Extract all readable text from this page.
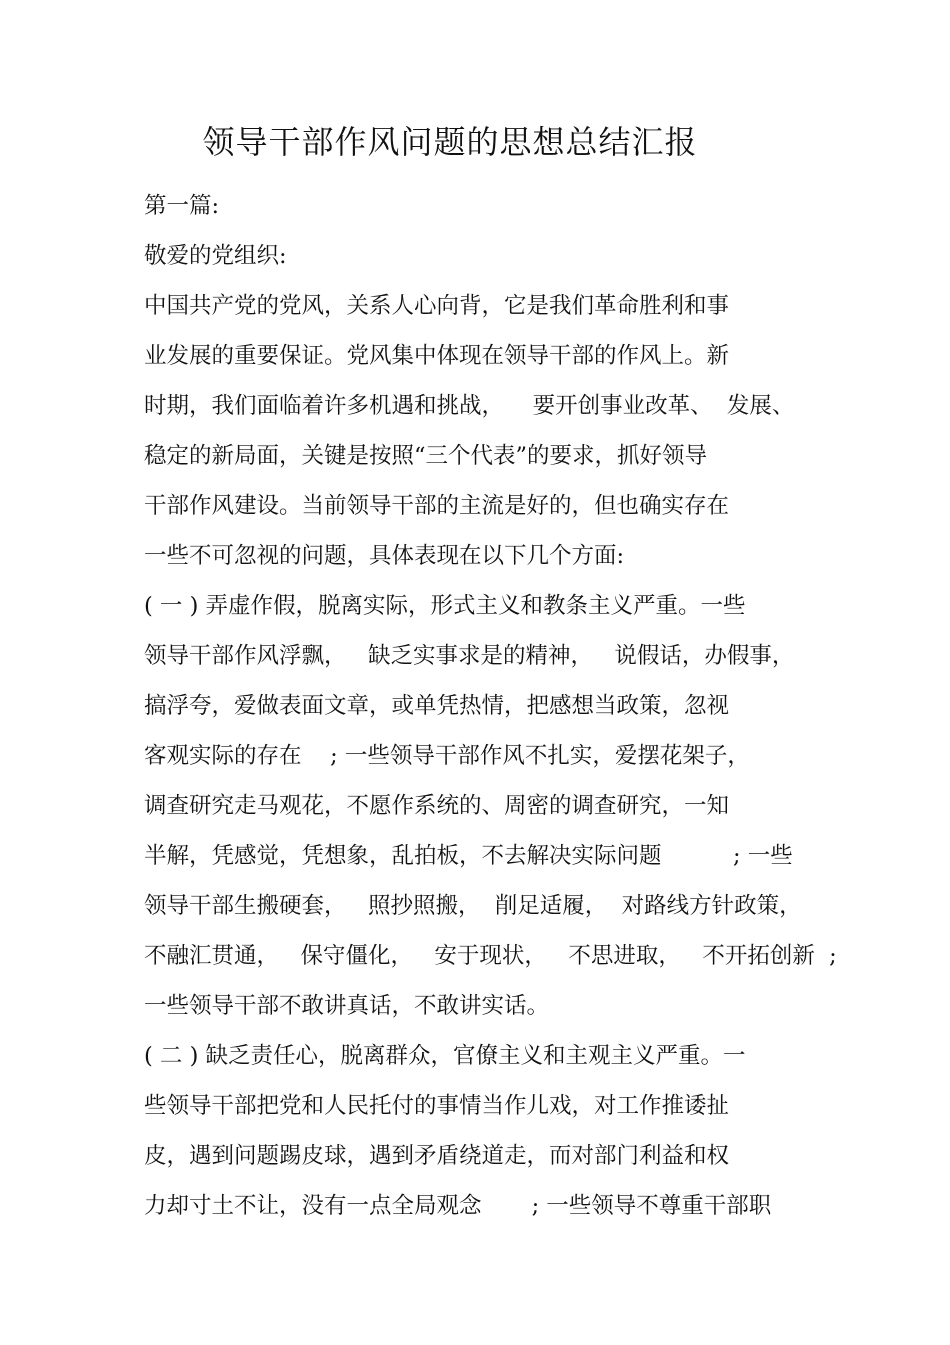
领导干部作风问题的思想总结汇报
第一篇:
敬爱的党组织:
中国共产党的党风，关系人心向背，它是我们革命胜利和事
业发展的重要保证。党风集中体现在领导干部的作风上。新
时期，我们面临着许多机遇和挑战，    要开创事业改革、  发展、
稳定的新局面，关键是按照“三个代表”的要求，抓好领导
干部作风建设。当前领导干部的主流是好的，但也确实存在
一些不可忽视的问题，具体表现在以下几个方面:
( 一 ) 弄虚作假，脱离实际，形式主义和教条主义严重。一些
领导干部作风浮飘，   缺乏实事求是的精神，   说假话，办假事，
搞浮夸，爱做表面文章，或单凭热情，把感想当政策，忽视
客观实际的存在    ; 一些领导干部作风不扎实，爱摆花架子，
调查研究走马观花，不愿作系统的、周密的调查研究，一知
半解，凭感觉，凭想象，乱拍板，不去解决实际问题          ; 一些
领导干部生搬硬套，   照抄照搬，  削足适履，  对路线方针政策，
不融汇贯通，   保守僵化，   安于现状，   不思进取，   不开拓创新  ;
一些领导干部不敢讲真话，不敢讲实话。
( 二 ) 缺乏责任心，脱离群众，官僚主义和主观主义严重。一
些领导干部把党和人民托付的事情当作儿戏，对工作推诿扯
皮，遇到问题踢皮球，遇到矛盾绕道走，而对部门利益和权
力却寸土不让，没有一点全局观念       ; 一些领导不尊重干部职
